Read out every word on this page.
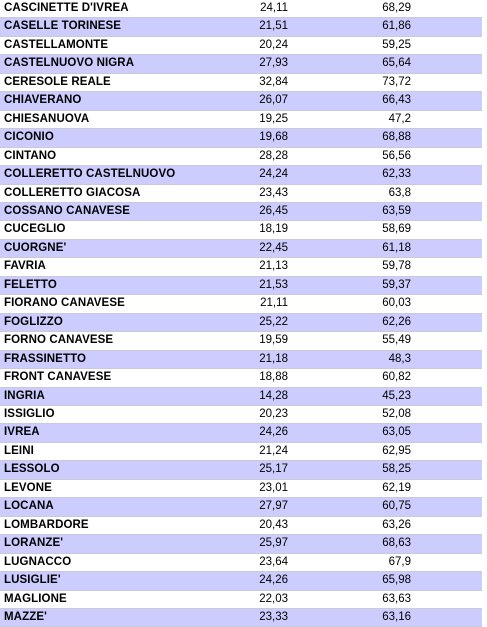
CASCINETTE D'IVREA	24,11	68,29	
CASELLE TORINESE	21,51	61,86	
CASTELLAMONTE	20,24	59,25	
CASTELNUOVO NIGRA	27,93	65,64	
CERESOLE REALE	32,84	73,72	
CHIAVERANO	26,07	66,43	
CHIESANUOVA	19,25	47,2	
CICONIO	19,68	68,88	
CINTANO	28,28	56,56	
COLLERETTO CASTELNUOVO	24,24	62,33	
COLLERETTO GIACOSA	23,43	63,8	
COSSANO CANAVESE	26,45	63,59	
CUCEGLIO	18,19	58,69	
CUORGNE'	22,45	61,18	
FAVRIA	21,13	59,78	
FELETTO	21,53	59,37	
FIORANO CANAVESE	21,11	60,03	
FOGLIZZO	25,22	62,26	
FORNO CANAVESE	19,59	55,49	
FRASSINETTO	21,18	48,3	
FRONT CANAVESE	18,88	60,82	
INGRIA	14,28	45,23	
ISSIGLIO	20,23	52,08	
IVREA	24,26	63,05	
LEINI	21,24	62,95	
LESSOLO	25,17	58,25	
LEVONE	23,01	62,19	
LOCANA	27,97	60,75	
LOMBARDORE	20,43	63,26	
LORANZE'	25,97	68,63	
LUGNACCO	23,64	67,9	
LUSIGLIE'	24,26	65,98	
MAGLIONE	22,03	63,63	
MAZZE'	23,33	63,16	
